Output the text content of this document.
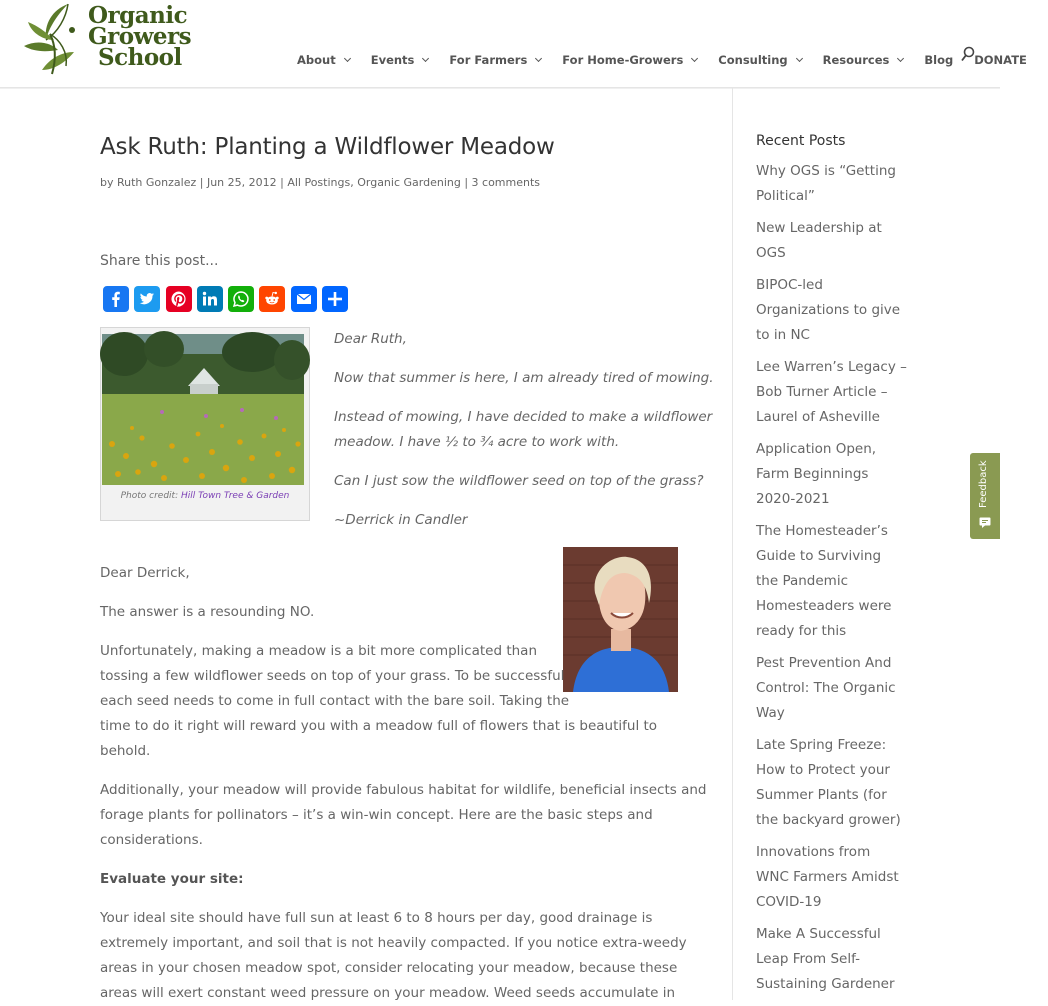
Organic
Growers
School	About	Events	For Farmers	For Home-Growers	Consulting	Resources	Blog DONATE
Ask Ruth: Planting a Wildflower Meadow
by Ruth Gonzalez | Jun 25, 2012 | All Postings, Organic Gardening | 3 comments
Share this post...
Photo credit: Hill Town Tree & Garden
Dear Ruth,
Now that summer is here, I am already tired of mowing.
Instead of mowing, I have decided to make a wildflower
meadow. I have ½ to ¾ acre to work with.
Can I just sow the wildflower seed on top of the grass?
~Derrick in Candler
Dear Derrick,
The answer is a resounding NO.
Unfortunately, making a meadow is a bit more complicated than
tossing a few wildflower seeds on top of your grass. To be successful
each seed needs to come in full contact with the bare soil. Taking the
time to do it right will reward you with a meadow full of flowers that is beautiful to
behold.
Additionally, your meadow will provide fabulous habitat for wildlife, beneficial insects and
forage plants for pollinators – it’s a win-win concept. Here are the basic steps and
considerations.
Evaluate your site:
Your ideal site should have full sun at least 6 to 8 hours per day, good drainage is
extremely important, and soil that is not heavily compacted. If you notice extra-weedy
areas in your chosen meadow spot, consider relocating your meadow, because these
areas will exert constant weed pressure on your meadow. Weed seeds accumulate in
Recent Posts
Why OGS is “Getting
Political”
New Leadership at
OGS
BIPOC-led
Organizations to give
to in NC
Lee Warren’s Legacy –
Bob Turner Article –
Laurel of Asheville
Application Open,
Farm Beginnings
2020-2021
The Homesteader’s
Guide to Surviving
the Pandemic
Homesteaders were
ready for this
Pest Prevention And
Control: The Organic
Way
Late Spring Freeze:
How to Protect your
Summer Plants (for
the backyard grower)
Innovations from
WNC Farmers Amidst
COVID-19
Make A Successful
Leap From Self-
Sustaining Gardener
Feedback
